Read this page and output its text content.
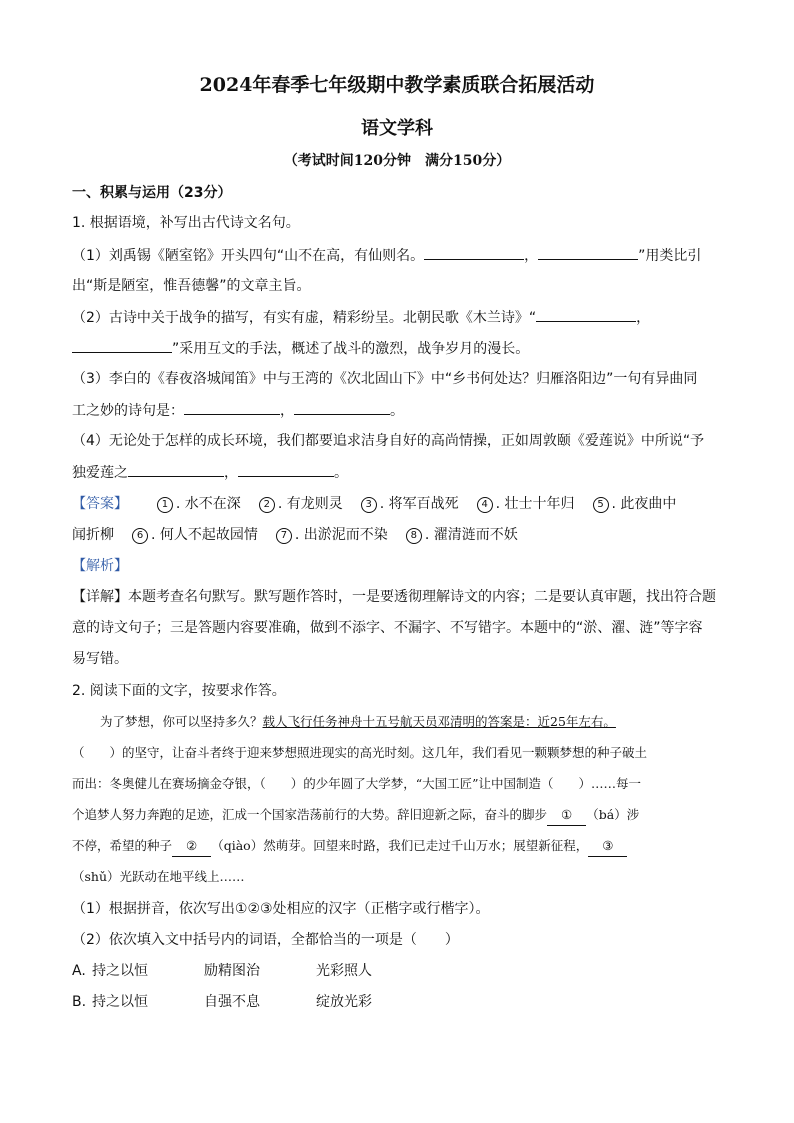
2024年春季七年级期中教学素质联合拓展活动
语文学科
（考试时间120分钟　满分150分）
一、积累与运用（23分）
1. 根据语境，补写出古代诗文名句。
（1）刘禹锡《陋室铭》开头四句“山不在高，有仙则名。	，	”用类比引
出“斯是陋室，惟吾德馨”的文章主旨。
（2）古诗中关于战争的描写，有实有虚，精彩纷呈。北朝民歌《木兰诗》“	，
”采用互文的手法，概述了战斗的激烈，战争岁月的漫长。
（3）李白的《春夜洛城闻笛》中与王湾的《次北固山下》中“乡书何处达？归雁洛阳边”一句有异曲同
工之妙的诗句是：	，	。
（4）无论处于怎样的成长环境，我们都要追求洁身自好的高尚情操，正如周敦颐《爱莲说》中所说“予
独爱莲之	，	。
【答案】	1 . 水不在深 2 . 有龙则灵 3 . 将军百战死 4 . 壮士十年归 5 . 此夜曲中
闻折柳 6 . 何人不起故园情 7 . 出淤泥而不染 8 . 濯清涟而不妖
【解析】
【详解】本题考查名句默写。默写题作答时，一是要透彻理解诗文的内容；二是要认真审题，找出符合题
意的诗文句子；三是答题内容要准确，做到不添字、不漏字、不写错字。本题中的“淤、濯、涟”等字容
易写错。
2. 阅读下面的文字，按要求作答。
为了梦想，你可以坚持多久？载人飞行任务神舟十五号航天员邓清明的答案是：近25年左右。
（　　）的坚守，让奋斗者终于迎来梦想照进现实的高光时刻。这几年，我们看见一颗颗梦想的种子破土
而出：冬奥健儿在赛场摘金夺银，（　　）的少年圆了大学梦，“大国工匠”让中国制造（　　）……每一
个追梦人努力奔跑的足迹，汇成一个国家浩荡前行的大势。辞旧迎新之际，奋斗的脚步 ① （bá）涉
不停，希望的种子 ② （qiào）然萌芽。回望来时路，我们已走过千山万水；展望新征程， ③
（shǔ）光跃动在地平线上……
（1）根据拼音，依次写出①②③处相应的汉字（正楷字或行楷字）。
（2）依次填入文中括号内的词语，全都恰当的一项是（　　）
A. 持之以恒	励精图治	光彩照人
B. 持之以恒	自强不息	绽放光彩
